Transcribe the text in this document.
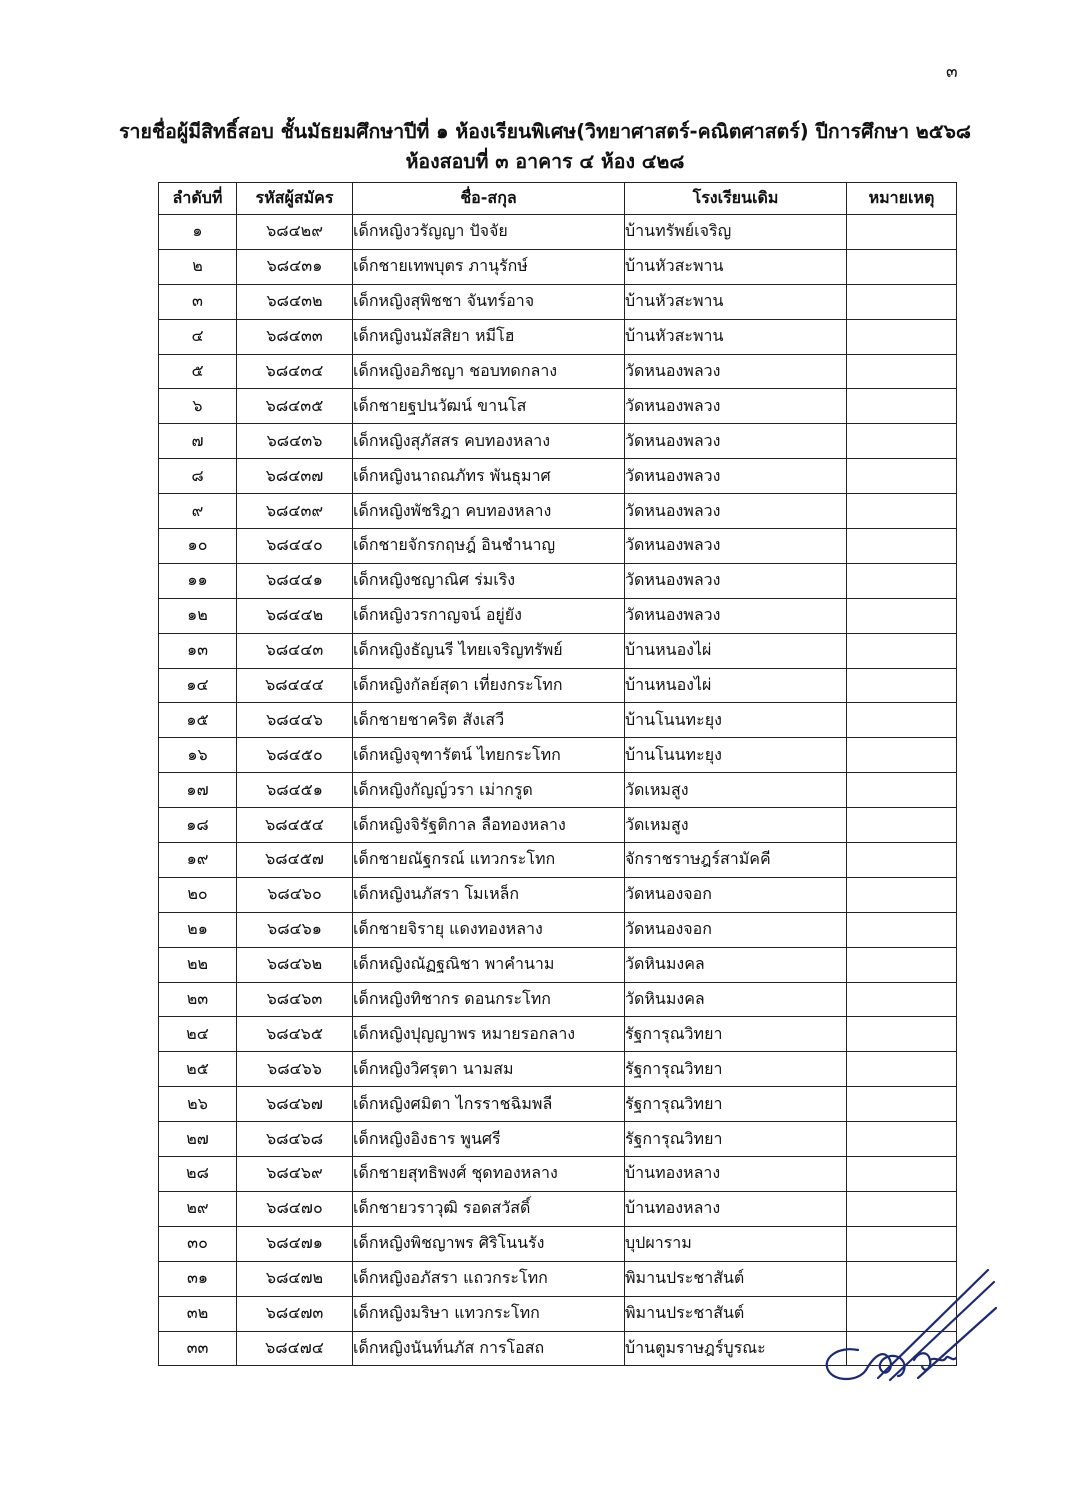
๓
รายชื่อผู้มีสิทธิ์สอบ ชั้นมัธยมศึกษาปีที่ ๑ ห้องเรียนพิเศษ(วิทยาศาสตร์-คณิตศาสตร์) ปีการศึกษา ๒๕๖๘
ห้องสอบที่ ๓ อาคาร ๔ ห้อง ๔๒๘
ลำดับที่	รหัสผู้สมัคร	ชื่อ-สกุล	โรงเรียนเดิม	หมายเหตุ
๑	๖๘๔๒๙	เด็กหญิงวรัญญา ปัจจัย	บ้านทรัพย์เจริญ	
๒	๖๘๔๓๑	เด็กชายเทพบุตร ภานุรักษ์	บ้านหัวสะพาน	
๓	๖๘๔๓๒	เด็กหญิงสุพิชชา จันทร์อาจ	บ้านหัวสะพาน	
๔	๖๘๔๓๓	เด็กหญิงนมัสสิยา หมีโฮ	บ้านหัวสะพาน	
๕	๖๘๔๓๔	เด็กหญิงอภิชญา ชอบทดกลาง	วัดหนองพลวง	
๖	๖๘๔๓๕	เด็กชายฐปนวัฒน์ ขานโส	วัดหนองพลวง	
๗	๖๘๔๓๖	เด็กหญิงสุภัสสร คบทองหลาง	วัดหนองพลวง	
๘	๖๘๔๓๗	เด็กหญิงนาถณภัทร พันธุมาศ	วัดหนองพลวง	
๙	๖๘๔๓๙	เด็กหญิงพัชริฎา คบทองหลาง	วัดหนองพลวง	
๑๐	๖๘๔๔๐	เด็กชายจักรกฤษฎ์ อินชำนาญ	วัดหนองพลวง	
๑๑	๖๘๔๔๑	เด็กหญิงชญาณิศ ร่มเริง	วัดหนองพลวง	
๑๒	๖๘๔๔๒	เด็กหญิงวรกาญจน์ อยู่ยัง	วัดหนองพลวง	
๑๓	๖๘๔๔๓	เด็กหญิงธัญนรี ไทยเจริญทรัพย์	บ้านหนองไผ่	
๑๔	๖๘๔๔๔	เด็กหญิงกัลย์สุดา เที่ยงกระโทก	บ้านหนองไผ่	
๑๕	๖๘๔๔๖	เด็กชายชาคริต สังเสวี	บ้านโนนทะยุง	
๑๖	๖๘๔๕๐	เด็กหญิงจุฑารัตน์ ไทยกระโทก	บ้านโนนทะยุง	
๑๗	๖๘๔๕๑	เด็กหญิงกัญญ์วรา เม่ากรูด	วัดเหมสูง	
๑๘	๖๘๔๕๔	เด็กหญิงจิรัฐติกาล ลือทองหลาง	วัดเหมสูง	
๑๙	๖๘๔๕๗	เด็กชายณัฐกรณ์ แทวกระโทก	จักราชราษฎร์สามัคคี	
๒๐	๖๘๔๖๐	เด็กหญิงนภัสรา โมเหล็ก	วัดหนองจอก	
๒๑	๖๘๔๖๑	เด็กชายจิรายุ แดงทองหลาง	วัดหนองจอก	
๒๒	๖๘๔๖๒	เด็กหญิงณัฏฐณิชา พาคำนาม	วัดหินมงคล	
๒๓	๖๘๔๖๓	เด็กหญิงทิชากร ดอนกระโทก	วัดหินมงคล	
๒๔	๖๘๔๖๕	เด็กหญิงปุญญาพร หมายรอกลาง	รัฐการุณวิทยา	
๒๕	๖๘๔๖๖	เด็กหญิงวิศรุตา นามสม	รัฐการุณวิทยา	
๒๖	๖๘๔๖๗	เด็กหญิงศมิตา ไกรราชฉิมพลี	รัฐการุณวิทยา	
๒๗	๖๘๔๖๘	เด็กหญิงอิงธาร พูนศรี	รัฐการุณวิทยา	
๒๘	๖๘๔๖๙	เด็กชายสุทธิพงศ์ ชุดทองหลาง	บ้านทองหลาง	
๒๙	๖๘๔๗๐	เด็กชายวราวุฒิ รอดสวัสดิ์	บ้านทองหลาง	
๓๐	๖๘๔๗๑	เด็กหญิงพิชญาพร ศิริโนนรัง	บุปผาราม	
๓๑	๖๘๔๗๒	เด็กหญิงอภัสรา แถวกระโทก	พิมานประชาสันต์	
๓๒	๖๘๔๗๓	เด็กหญิงมริษา แทวกระโทก	พิมานประชาสันต์	
๓๓	๖๘๔๗๔	เด็กหญิงนันท์นภัส การโอสถ	บ้านตูมราษฎร์บูรณะ	
